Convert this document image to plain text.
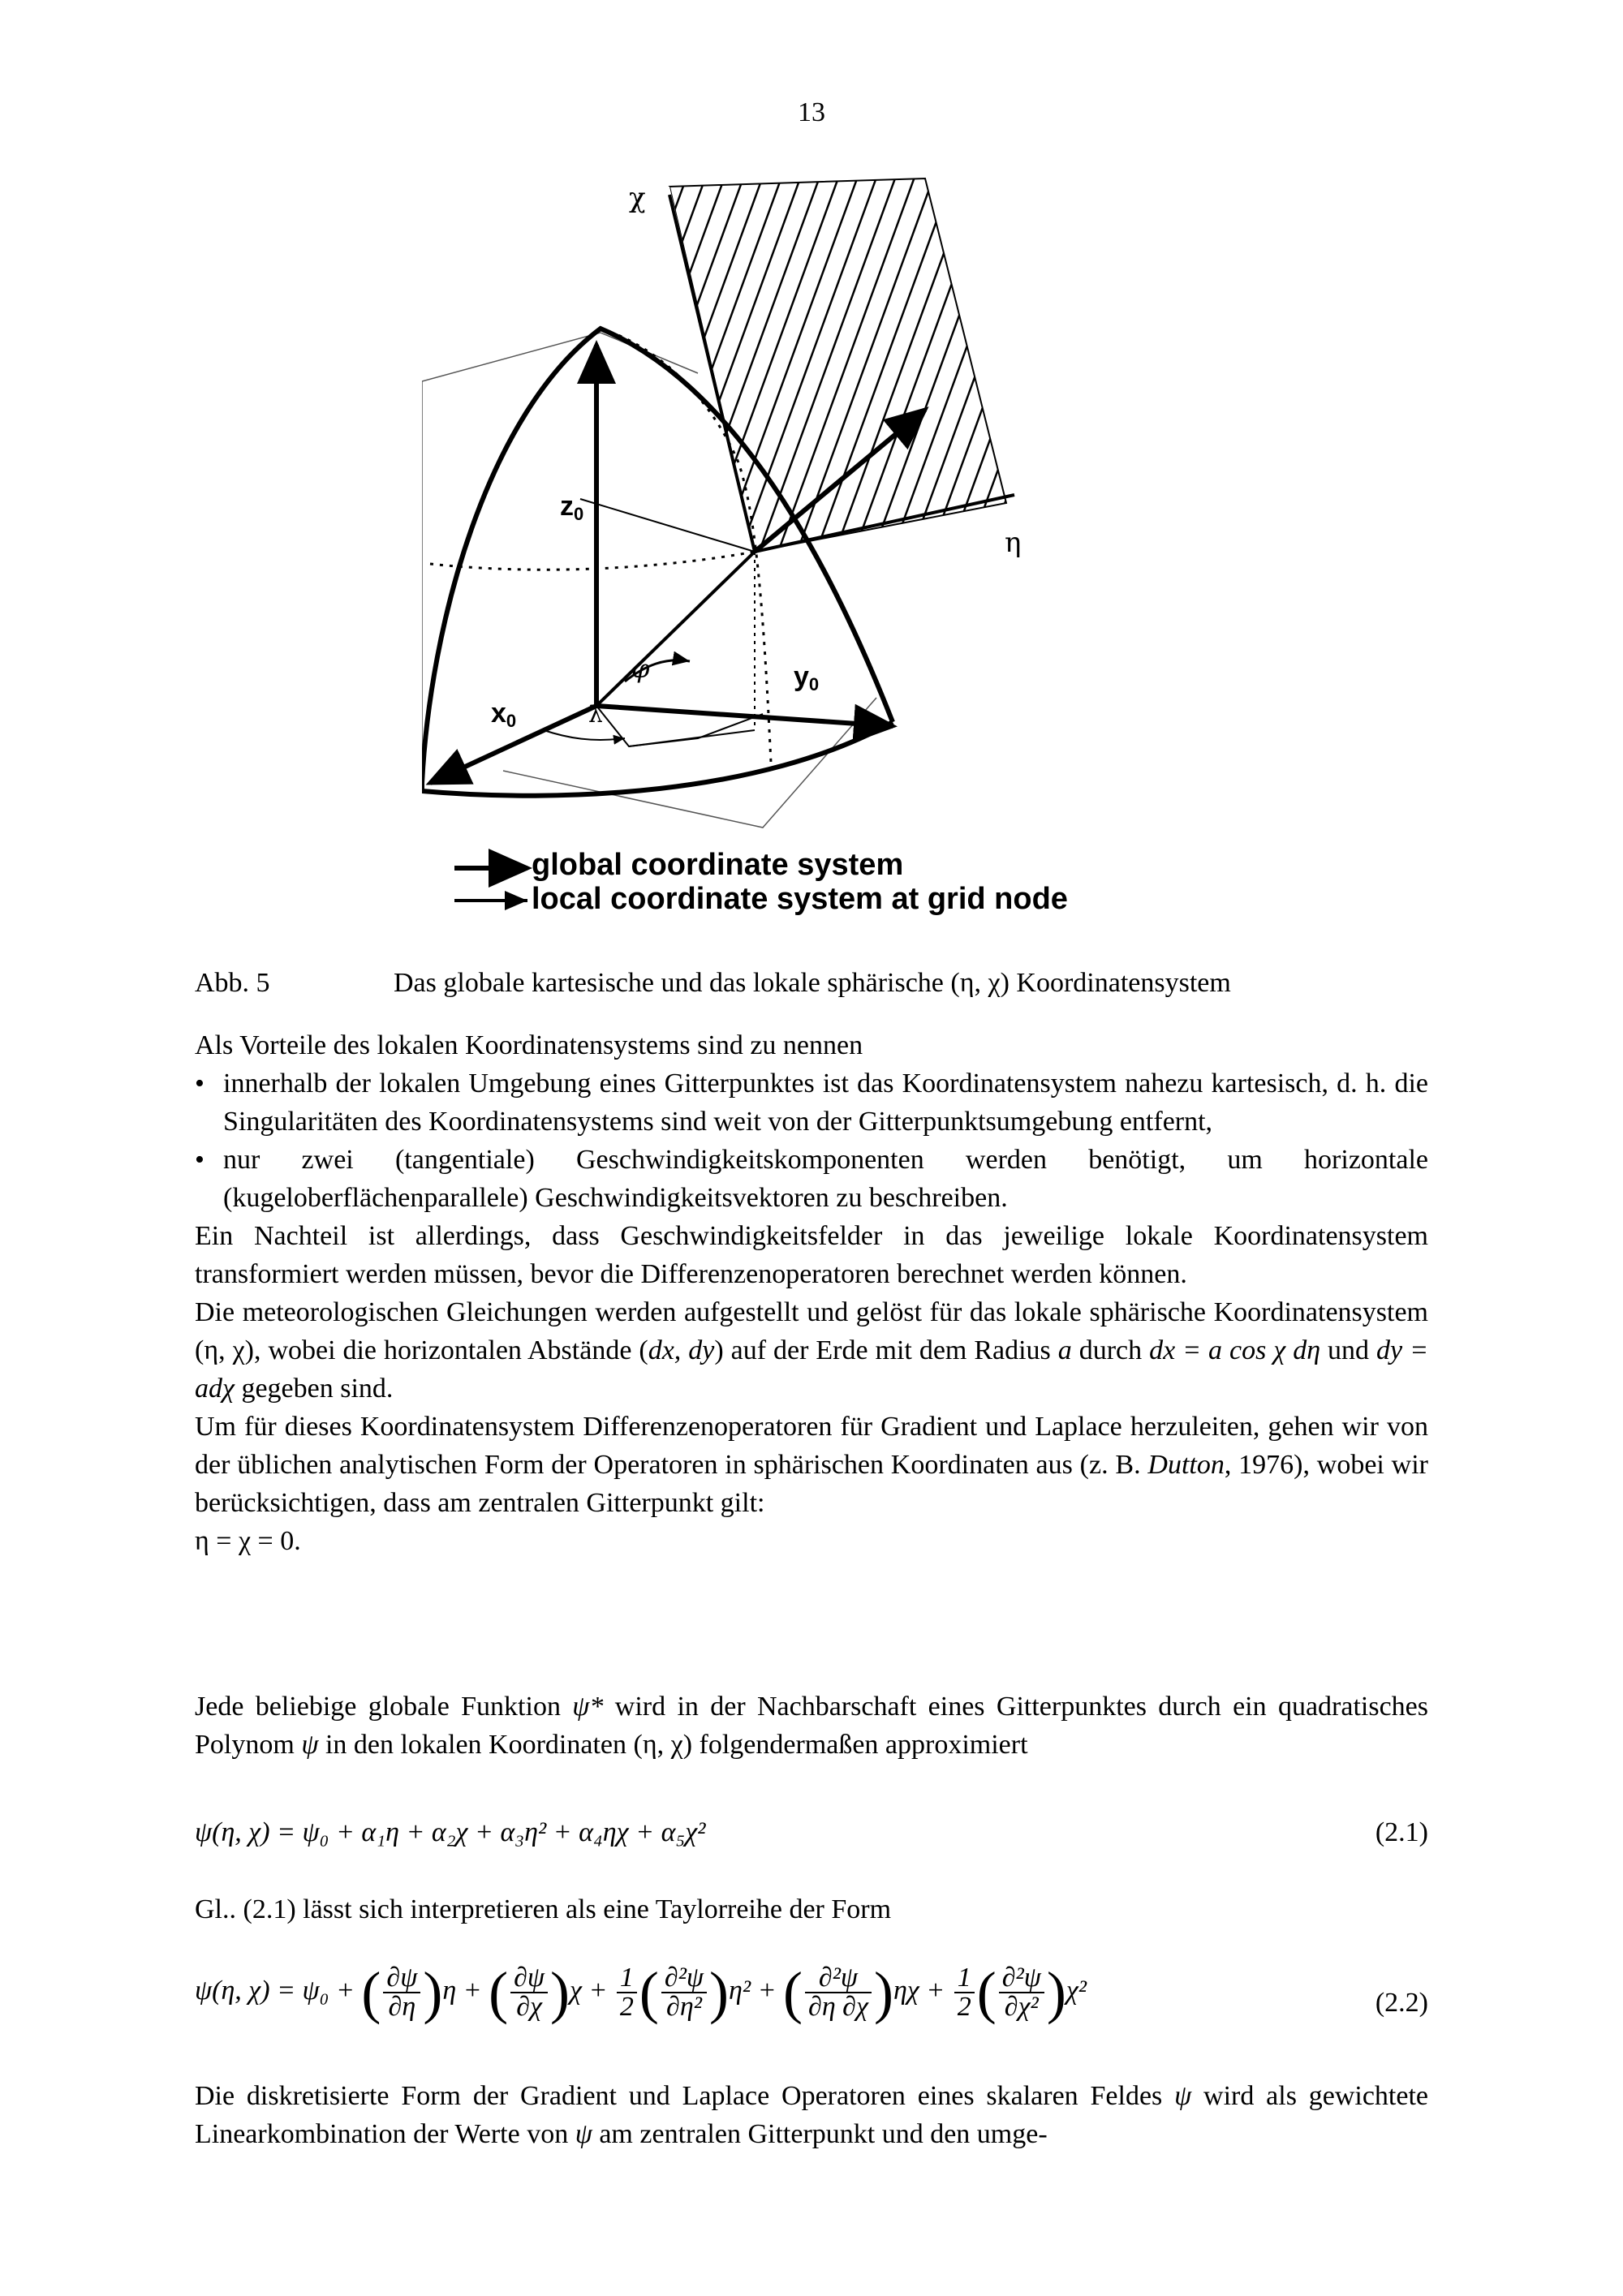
13
χ
η
z0
x0
y0
φ
λ
global coordinate system
local coordinate system at grid node
Abb. 5	Das globale kartesische und das lokale sphärische (η, χ) Koordinatensystem

Als Vorteile des lokalen Koordinatensystems sind zu nennen

• innerhalb der lokalen Umgebung eines Gitterpunktes ist das Koordinatensystem nahezu kartesisch, d. h. die Singularitäten des Koordinatensystems sind weit von der Gitterpunktsumgebung entfernt,
• nur zwei (tangentiale) Geschwindigkeitskomponenten werden benötigt, um horizontale (kugeloberflächenparallele) Geschwindigkeitsvektoren zu beschreiben.

Ein Nachteil ist allerdings, dass Geschwindigkeitsfelder in das jeweilige lokale Koordinatensystem transformiert werden müssen, bevor die Differenzenoperatoren berechnet werden können.

Die meteorologischen Gleichungen werden aufgestellt und gelöst für das lokale sphärische Koordinatensystem (η, χ), wobei die horizontalen Abstände (dx, dy) auf der Erde mit dem Radius a durch dx = a cos χ dη und dy = adχ gegeben sind.

Um für dieses Koordinatensystem Differenzenoperatoren für Gradient und Laplace herzuleiten, gehen wir von der üblichen analytischen Form der Operatoren in sphärischen Koordinaten aus (z. B. Dutton, 1976), wobei wir berücksichtigen, dass am zentralen Gitterpunkt gilt:
η = χ = 0.

Jede beliebige globale Funktion ψ* wird in der Nachbarschaft eines Gitterpunktes durch ein quadratisches Polynom ψ in den lokalen Koordinaten (η, χ) folgendermaßen approximiert

ψ(η, χ) = ψ₀ + α₁η + α₂χ + α₃η² + α₄ηχ + α₅χ²	(2.1)
Gl.. (2.1) lässt sich interpretieren als eine Taylorreihe der Form
ψ(η, χ) = ψ₀ + ( $\frac{\partial\psi}{\partial\eta} )\eta$ + ( $\frac{\partial\psi}{\partial\chi} )\chi + \frac{1}{2}$ ( $\frac{\text{∂²ψ}}{\text{∂η²}} )\eta^2$ + ( $\frac{\text{∂²ψ}}{\partial\eta \partial\chi} )\eta\chi + \frac{1}{2}$ ( $\frac{\text{∂²ψ}}{\text{∂χ²}} )\chi^2$	(2.2)
Die diskretisierte Form der Gradient und Laplace Operatoren eines skalaren Feldes ψ wird als gewichtete Linearkombination der Werte von ψ am zentralen Gitterpunkt und den umge-
